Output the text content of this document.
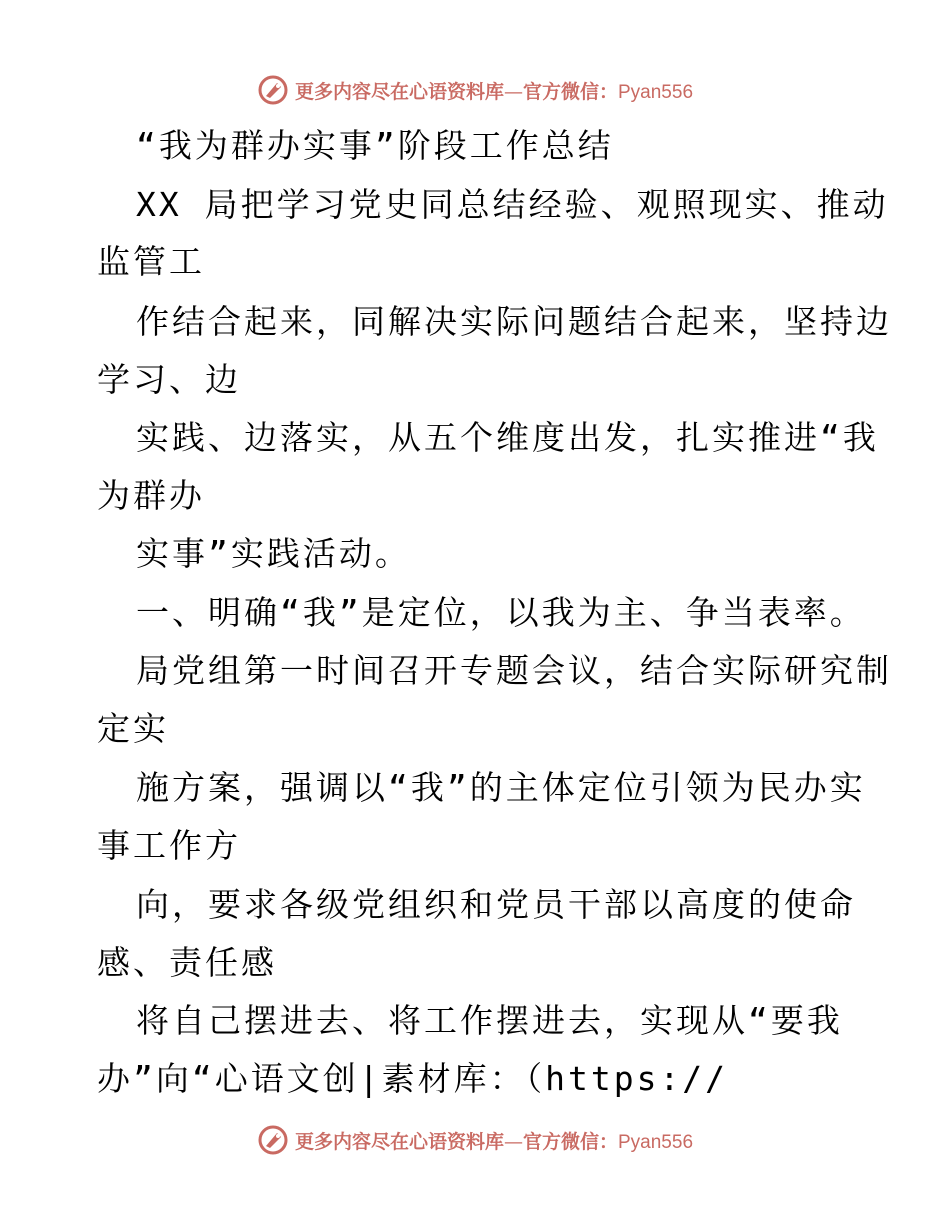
更多内容尽在心语资料库—官方微信：Pyan556
“我为群办实事”阶段工作总结
XX 局把学习党史同总结经验、观照现实、推动
监管工
作结合起来，同解决实际问题结合起来，坚持边
学习、边
实践、边落实，从五个维度出发，扎实推进“我
为群办
实事”实践活动。
一、明确“我”是定位，以我为主、争当表率。
局党组第一时间召开专题会议，结合实际研究制
定实
施方案，强调以“我”的主体定位引领为民办实
事工作方
向，要求各级党组织和党员干部以高度的使命
感、责任感
将自己摆进去、将工作摆进去，实现从“要我
办”向“心语文创|素材库：（https://
更多内容尽在心语资料库—官方微信：Pyan556
